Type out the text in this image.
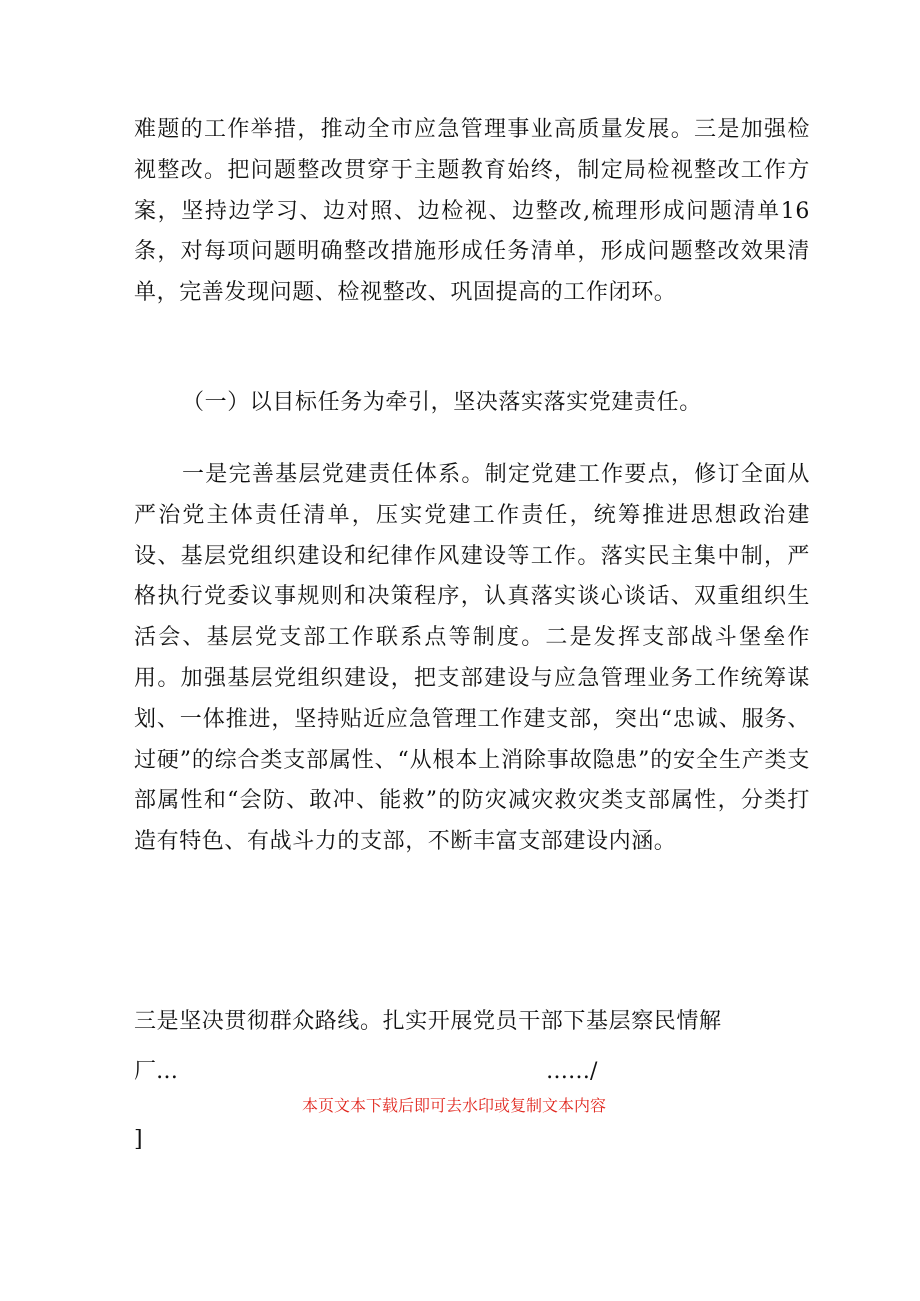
难题的工作举措，推动全市应急管理事业高质量发展。三是加强检视整改。把问题整改贯穿于主题教育始终，制定局检视整改工作方案，坚持边学习、边对照、边检视、边整改,梳理形成问题清单16条，对每项问题明确整改措施形成任务清单，形成问题整改效果清单，完善发现问题、检视整改、巩固提高的工作闭环。

（一）以目标任务为牵引，坚决落实落实党建责任。

一是完善基层党建责任体系。制定党建工作要点，修订全面从严治党主体责任清单，压实党建工作责任，统筹推进思想政治建设、基层党组织建设和纪律作风建设等工作。落实民主集中制，严格执行党委议事规则和决策程序，认真落实谈心谈话、双重组织生活会、基层党支部工作联系点等制度。二是发挥支部战斗堡垒作用。加强基层党组织建设，把支部建设与应急管理业务工作统筹谋划、一体推进，坚持贴近应急管理工作建支部，突出“忠诚、服务、过硬”的综合类支部属性、“从根本上消除事故隐患”的安全生产类支部属性和“会防、敢冲、能救”的防灾减灾救灾类支部属性，分类打造有特色、有战斗力的支部，不断丰富支部建设内涵。

三是坚决贯彻群众路线。扎实开展党员干部下基层察民情解

厂…	……/

本页文本下载后即可去水印或复制文本内容

]
